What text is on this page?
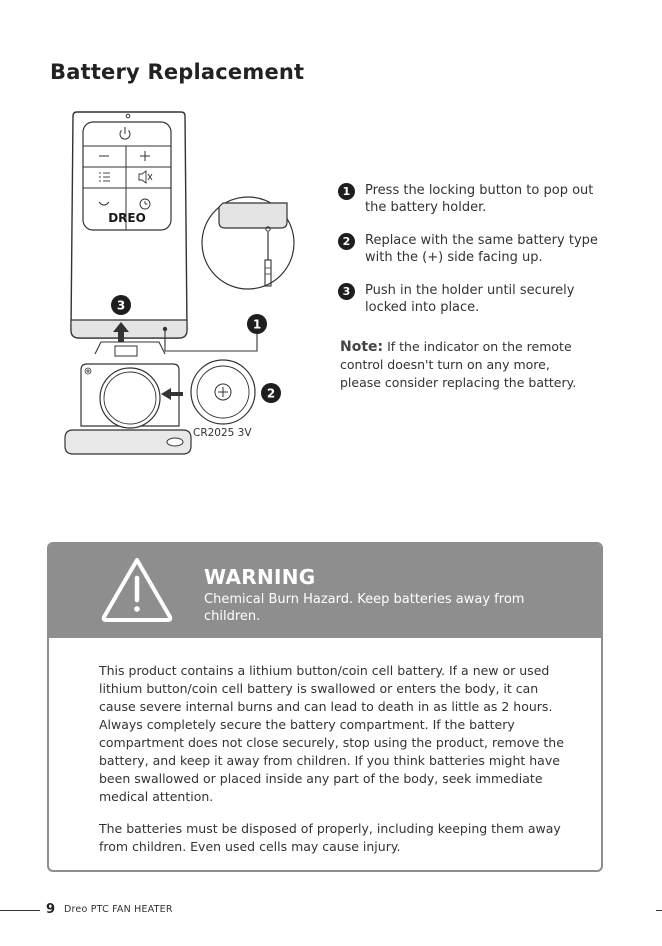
Battery Replacement
DREO
3
1
CR2025 3V
2
1	Press the locking button to pop out the battery holder.
2	Replace with the same battery type with the (+) side facing up.
3	Push in the holder until securely locked into place.
Note: If the indicator on the remote control doesn't turn on any more, please consider replacing the battery.
WARNING
Chemical Burn Hazard. Keep batteries away from children.

This product contains a lithium button/coin cell battery. If a new or used lithium button/coin cell battery is swallowed or enters the body, it can cause severe internal burns and can lead to death in as little as 2 hours. Always completely secure the battery compartment. If the battery compartment does not close securely, stop using the product, remove the battery, and keep it away from children. If you think batteries might have been swallowed or placed inside any part of the body, seek immediate medical attention.

The batteries must be disposed of properly, including keeping them away from children. Even used cells may cause injury.

9 Dreo PTC FAN HEATER
